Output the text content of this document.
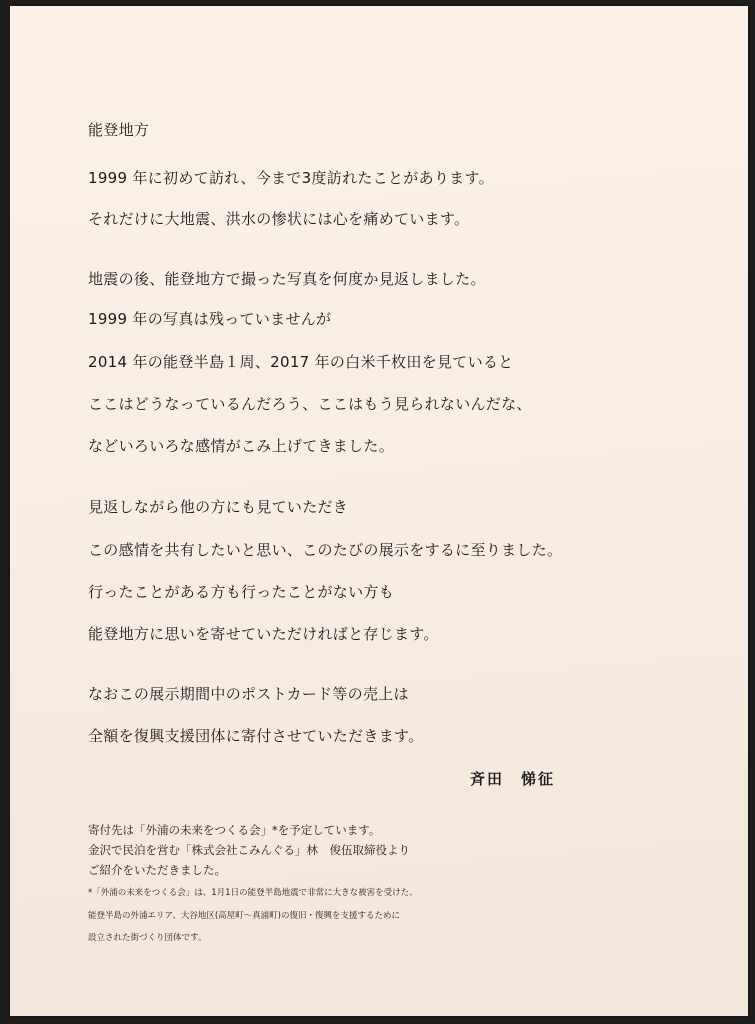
能登地方

1999 年に初めて訪れ、今まで3度訪れたことがあります。

それだけに大地震、洪水の惨状には心を痛めています。

地震の後、能登地方で撮った写真を何度か見返しました。

1999 年の写真は残っていませんが

2014 年の能登半島１周、2017 年の白米千枚田を見ていると

ここはどうなっているんだろう、ここはもう見られないんだな、

などいろいろな感情がこみ上げてきました。

見返しながら他の方にも見ていただき

この感情を共有したいと思い、このたびの展示をするに至りました。

行ったことがある方も行ったことがない方も

能登地方に思いを寄せていただければと存じます。

なおこの展示期間中のポストカード等の売上は

全額を復興支援団体に寄付させていただきます。

斉田　悌征

寄付先は「外浦の未来をつくる会」*を予定しています。

金沢で民泊を営む「株式会社こみんぐる」林　俊伍取締役より

ご紹介をいただきました。

*「外浦の未来をつくる会」は、1月1日の能登半島地震で非常に大きな被害を受けた、

能登半島の外浦エリア、大谷地区(高屋町～真浦町)の復旧・復興を支援するために

設立された街づくり団体です。
